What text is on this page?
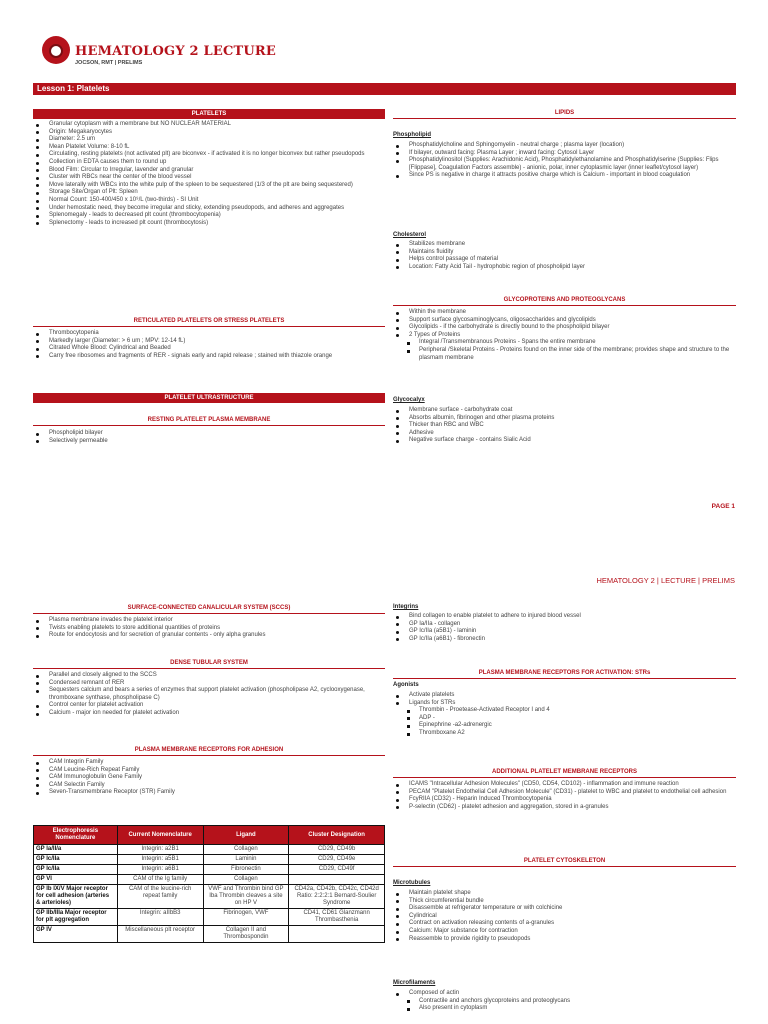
HEMATOLOGY 2 LECTURE
JOCSON, RMT | PRELIMS
Lesson 1: Platelets
PLATELETS
Granular cytoplasm with a membrane but NO NUCLEAR MATERIAL
Origin: Megakaryocytes
Diameter: 2.5 um
Mean Platelet Volume: 8-10 fL
Circulating, resting platelets (not activated plt) are biconvex - if activated it is no longer biconvex but rather pseudopods
Collection in EDTA causes them to round up
Blood Film: Circular to Irregular, lavender and granular
Cluster with RBCs near the center of the blood vessel
Move laterally with WBCs into the white pulp of the spleen to be sequestered (1/3 of the plt are being sequestered)
Storage Site/Organ of Plt: Spleen
Normal Count: 150-400/450 x 10⁹/L (two-thirds) - SI Unit
Under hemostatic need, they become irregular and sticky, extending pseudopods, and adheres and aggregates
Splenomegaly - leads to decreased plt count (thrombocytopenia)
Splenectomy - leads to increased plt count (thrombocytosis)
RETICULATED PLATELETS OR STRESS PLATELETS
Thrombocytopenia
Markedly larger (Diameter: > 6 um ; MPV: 12-14 fL)
Citrated Whole Blood: Cylindrical and Beaded
Carry free ribosomes and fragments of RER - signals early and rapid release ; stained with thiazole orange
PLATELET ULTRASTRUCTURE
RESTING PLATELET PLASMA MEMBRANE
Phospholipid bilayer
Selectively permeable
LIPIDS
Phospholipid
Phosphatidylcholine and Sphingomyelin - neutral charge ; plasma layer (location)
If bilayer, outward facing: Plasma Layer ; inward facing: Cytosol Layer
Phosphatidylinositol (Supplies: Arachidonic Acid), Phosphatidylethanolamine and Phosphatidylserine (Supplies: Flips [Flippase], Coagulation Factors assemble) - anionic, polar, inner cytoplasmic layer (inner leaflet/cytosol layer)
Since PS is negative in charge it attracts positive charge which is Calcium - important in blood coagulation
Cholesterol
Stabilizes membrane
Maintains fluidity
Helps control passage of material
Location: Fatty Acid Tail - hydrophobic region of phospholipid layer
GLYCOPROTEINS AND PROTEOGLYCANS
Within the membrane
Support surface glycosaminoglycans, oligosaccharides and glycolipids
Glycolipids - if the carbohydrate is directly bound to the phospholipid bilayer
2 Types of Proteins
Integral /Transmembranous Proteins - Spans the entire membrane
Peripheral /Skeletal Proteins - Proteins found on the inner side of the membrane; provides shape and structure to the plasmam membrane
Glycocalyx
Membrane surface - carbohydrate coat
Absorbs albumin, fibrinogen and other plasma proteins
Thicker than RBC and WBC
Adhesive
Negative surface charge - contains Sialic Acid
PAGE 1
HEMATOLOGY 2 | LECTURE | PRELIMS
SURFACE-CONNECTED CANALICULAR SYSTEM (SCCS)
Plasma membrane invades the platelet interior
Twists enabling platelets to store additional quantities of proteins
Route for endocytosis and for secretion of granular contents - only alpha granules
DENSE TUBULAR SYSTEM
Parallel and closely aligned to the SCCS
Condensed remnant of RER
Sequesters calcium and bears a series of enzymes that support platelet activation (phospholipase A2, cyclooxygenase, thromboxane synthase, phospholipase C)
Control center for platelet activation
Calcium - major ion needed for platelet activation
PLASMA MEMBRANE RECEPTORS FOR ADHESION
CAM Integrin Family
CAM Leucine-Rich Repeat Family
CAM Immunoglobulin Gene Family
CAM Selectin Family
Seven-Transmembrane Receptor (STR) Family
Electrophoresis Nomenclature	Current Nomenclature	Ligand	Cluster Designation
GP Ia/II/a	Integrin: a2B1	Collagen	CD29, CD49b
GP Ic/IIa	Integrin: a5B1	Laminin	CD29, CD49e
GP Ic/IIa	Integrin: a6B1	Fibronectin	CD29, CD49f
GP VI	CAM of the Ig family	Collagen	
GP Ib IX/V Major receptor for cell adhesion (arteries & arterioles)	CAM of the leucine-rich repeat family	VWF and Thrombin bind GP Iba Thrombin cleaves a site on HP V	CD42a, CD42b, CD42c, CD42d Ratio: 2:2:2:1 Bernard-Soulier Syndrome
GP IIb/IIIa Major receptor for plt aggregation	Integrin: aIIbB3	Fibrinogen, VWF	CD41, CD61 Glanzmann Thrombasthenia
GP IV	Miscellaneous plt receptor	Collagen II and Thrombospondin	
Integrins
Bind collagen to enable platelet to adhere to injured blood vessel
GP Ia/IIa - collagen
GP Ic/IIa (a5B1) - laminin
GP Ic/IIa (a6B1) - fibronectin
PLASMA MEMBRANE RECEPTORS FOR ACTIVATION: STRs
Agonists
Activate platelets
Ligands for STRs
Thrombin - Proetease-Activated Receptor I and 4
ADP -
Epinephrine -a2-adrenergic
Thromboxane A2
ADDITIONAL PLATELET MEMBRANE RECEPTORS
ICAMS "Intracellular Adhesion Molecules" (CD50, CD54, CD102) - inflammation and immune reaction
PECAM "Platelet Endothelial Cell Adhesion Molecule" (CD31) - platelet to WBC and platelet to endothelial cell adhesion
FcyRIIA (CD32) - Heparin Induced Thrombocytopenia
P-selectin (CD62) - platelet adhesion and aggregation, stored in a-granules
PLATELET CYTOSKELETON
Microtubules
Maintain platelet shape
Thick circumferential bundle
Disassemble at refrigerator temperature or with colchicine
Cylindrical
Contract on activation releasing contents of a-granules
Calcium: Major substance for contraction
Reassemble to provide rigidity to pseudopods
Microfilaments
Composed of actin
Contractile and anchors glycoproteins and proteoglycans
Also present in cytoplasm
